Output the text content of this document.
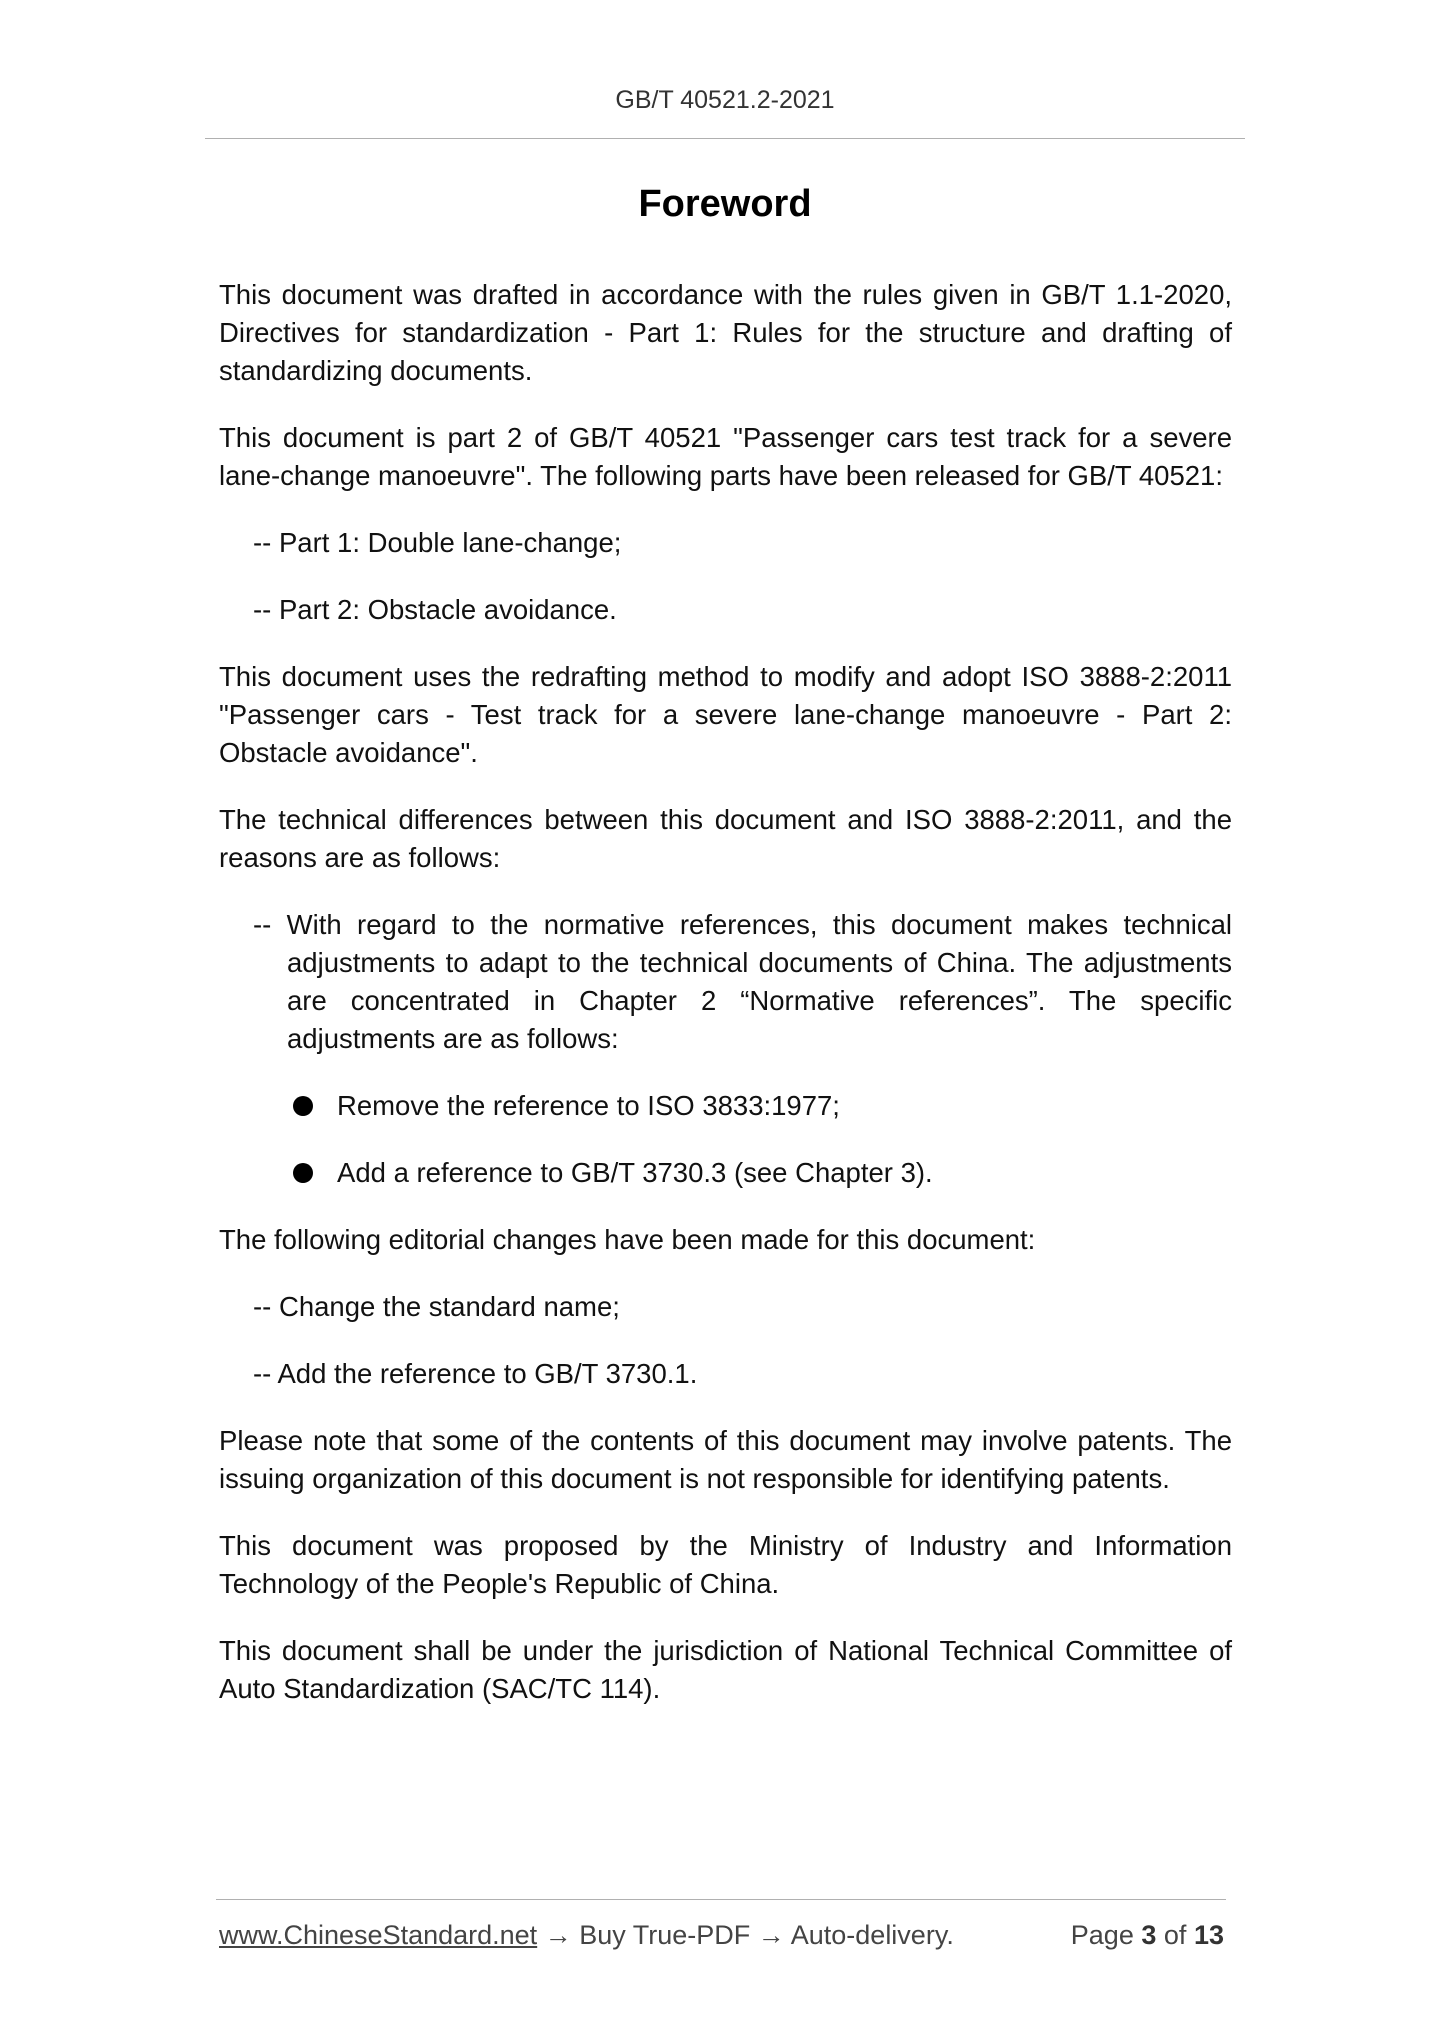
GB/T 40521.2-2021
Foreword

This document was drafted in accordance with the rules given in GB/T 1.1-2020, Directives for standardization - Part 1: Rules for the structure and drafting of standardizing documents.

This document is part 2 of GB/T 40521 "Passenger cars test track for a severe lane-change manoeuvre". The following parts have been released for GB/T 40521:

-- Part 1: Double lane-change;

-- Part 2: Obstacle avoidance.

This document uses the redrafting method to modify and adopt ISO 3888-2:2011 "Passenger cars - Test track for a severe lane-change manoeuvre - Part 2: Obstacle avoidance".

The technical differences between this document and ISO 3888-2:2011, and the reasons are as follows:

-- With regard to the normative references, this document makes technical adjustments to adapt to the technical documents of China. The adjustments are concentrated in Chapter 2 “Normative references”. The specific adjustments are as follows:

Remove the reference to ISO 3833:1977;
Add a reference to GB/T 3730.3 (see Chapter 3).

The following editorial changes have been made for this document:

-- Change the standard name;

-- Add the reference to GB/T 3730.1.

Please note that some of the contents of this document may involve patents. The issuing organization of this document is not responsible for identifying patents.

This document was proposed by the Ministry of Industry and Information Technology of the People's Republic of China.

This document shall be under the jurisdiction of National Technical Committee of Auto Standardization (SAC/TC 114).

www.ChineseStandard.net → Buy True-PDF → Auto-delivery.	Page 3 of 13
